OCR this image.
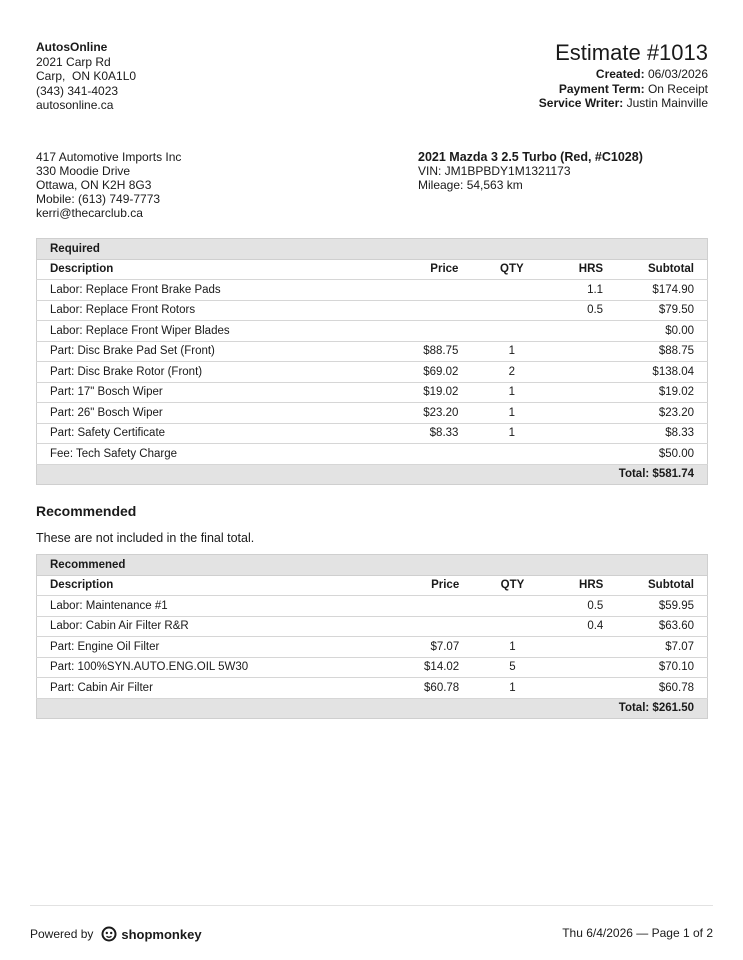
AutosOnline
2021 Carp Rd
Carp,  ON K0A1L0
(343) 341-4023
autosonline.ca
Estimate #1013
Created: 06/03/2026
Payment Term: On Receipt
Service Writer: Justin Mainville
417 Automotive Imports Inc
330 Moodie Drive
Ottawa, ON K2H 8G3
Mobile: (613) 749-7773
kerri@thecarclub.ca
2021 Mazda 3 2.5 Turbo (Red, #C1028)
VIN: JM1BPBDY1M1321173
Mileage: 54,563 km
Required				
Description	Price	QTY	HRS	Subtotal
Labor: Replace Front Brake Pads			1.1	$174.90
Labor: Replace Front Rotors			0.5	$79.50
Labor: Replace Front Wiper Blades				$0.00
Part: Disc Brake Pad Set (Front)	$88.75	1		$88.75
Part: Disc Brake Rotor (Front)	$69.02	2		$138.04
Part: 17" Bosch Wiper	$19.02	1		$19.02
Part: 26" Bosch Wiper	$23.20	1		$23.20
Part: Safety Certificate	$8.33	1		$8.33
Fee: Tech Safety Charge				$50.00
Total: $581.74				
Recommended
These are not included in the final total.
Recommened				
Description	Price	QTY	HRS	Subtotal
Labor: Maintenance #1			0.5	$59.95
Labor: Cabin Air Filter R&R			0.4	$63.60
Part: Engine Oil Filter	$7.07	1		$7.07
Part: 100%SYN.AUTO.ENG.OIL 5W30	$14.02	5		$70.10
Part: Cabin Air Filter	$60.78	1		$60.78
Total: $261.50				
Powered by shopmonkey	Thu 6/4/2026 — Page 1 of 2
